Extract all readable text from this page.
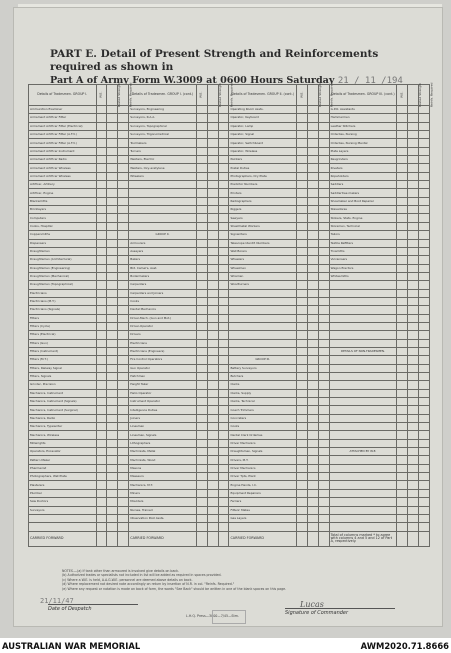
PART E. Detail of Present Strength and Reinforcements required as shown in
Part A of Army Form W.3009 at 0600 Hours Saturday 21 / 11 /194
Details of Tradesmen. GROUP I.	W.E.	Posted Strength	Reinfs. Required	Details of Tradesmen. GROUP I. (cont.)	W.E.	Posted Strength	Reinfs. Required	Details of Tradesmen. GROUP II. (cont.)	W.E.	Posted Strength	Reinfs. Required	Details of Tradesmen. GROUP III. (cont.)	W.E.	Posted Strength	Reinfs. Required
Ammunition Examiner				Surveyors, Engineering				Operating Room Assts.				G.P.O. Assistants			
Armament Artificer Fitter				Surveyors, R.A.A.				Operator, Keyboard				Hammermen			
Armament Artificer Fitter (Electrical)				Surveyors, Topographical				Operator, Lamp				Leather Stitchers			
Armament Artificer Fitter (A.F.V.)				Surveyors, Trigonometrical				Operator, Signal				Orderlies, Nursing			
Armament Artificer Fitter (A.F.V.)				Toolmakers				Operator, Switchboard				Orderlies, Nursing Mental			
Armament Artificer Instrument				Turners				Operator, Wireless				Plate Layers			
Armament Artificer Radio				Welders, Electric				Painters				Resgrinders			
Armament Artificer Wireless				Welders, Oxy-acetylene				Postal Duties				Riveters			
Armament Artificer Wireless				Wheelers				Photographers, Dry Plate				Ropeholders			
Artificer, Artillery								Predictor Numbers				Saddlers			
Artificer, Engine								Printers				Saddlertree makers			
Blacksmiths								Radiographers				Shoemaker and Boot Repairer			
Bricklayers								Riggers				Stevedores			
Computers								Sawyers				Stokers, Stats. Engine			
Cooks, Hospital								Sheetmetal Workers				Storemen, Technical			
Coppersmiths				GROUP II.				Signwriters				Tailors			
Dispensers				Armourers				Telescope Identif. Numbers				Textile Refitters			
Draughtsmen				Assayers				Wall Borers				Tinsmiths			
Draughtsmen (Architectural)				Bakers				Wheelers				Vulcanisers			
Draughtsmen (Engineering)				Bkt. Camel's, Asst.				Wheelmen				Wagon Erectors			
Draughtsmen (Mechanical)				Boilermakers				Wiremen				Whitesmiths			
Draughtsmen (Topographical)				Carpenters				Woodturners							
Electricians				Carpenters and Joiners											
Electricians (M.T.)				Cooks											
Electricians (Signals)				Dental Mechanics											
Fitters				Driver-Mech. (Gun and Mot.)											
Fitters (Cycle)				Driver-Operator											
Fitters (Electrical)				Drivers											
Fitters (Gun)				Electricians											
Fitters (Instrument)				Electricians (Engineers)								DETAILS OF NON-TRADESMEN.			
Fitters (M.T.)				Fire Control Operators				GROUP III.							
Fitters, Railway Signal				Gun Operator				Battery Surveyors							
Fitters, Signals				Hatchmen				Butchers							
Grinder, Precision				Height Taker				Clerks							
Mechanics, Instrument				Helio Operator				Clerks, Supply							
Mechanics, Instrument (Signals)				Instrument Operator				Clerks, Technical							
Mechanics, Instrument (Surgical)				Intelligence Duties				Coach Trimmers							
Mechanics, Radio				Joiners				Concreters							
Mechanics, Typewriter				Linesmen				Cooks							
Mechanics, Wireless				Linesman, Signals				Dental Clerk Orderlies							
Millwrights				Lithographers				Driver Mechanics							
Operators, Excavator				Machinists, Metal				Draughtsmen, Signals				ATTACHED BY W.E.			
Pattern Maker				Machinists, Wood				Drivers, M.T.							
Pharmacist				Masons				Driver Mechanics							
Photographers, Wet Plate				Masseurs				Driver Tpts, Plant							
Plasterers				Mechanics, M.T.				Engine Hands, I.C.							
Plumber				Miners				Equipment Repairers							
Saw Doctors				Moulders				Farriers							
Surveyors				Nurses, Trained				Fitters' Mates							
				Observation Post Assts.				Gas Layers							

CARRIED FORWARD				CARRIED FORWARD				CARRIED FORWARD				Total of columns marked * to agree with columns 4 and 5 and 12 of Part A, respectively.			
NOTES.—(a) If tank other than armoured is involved give details on back.
(b) Authorized trades or specialists not included in list will be added as required in spaces provided.
(c) Where a W.E. is held, A.A.G.W.E. personnel are deemed above details on back.
(d) Where replacement not desired note accordingly on return by insertion of N.R. in col. "Reinfs. Required."
(e) Where any request or notation is made on back of form, the words "See Back" should be written in one of the blank spaces on this page.
21/11/47
Date of Despatch
L.H.Q. Press—3000—7/45—Stm.
Lucas
Signature of Commander
AUSTRALIAN WAR MEMORIAL	AWM2020.71.8666
